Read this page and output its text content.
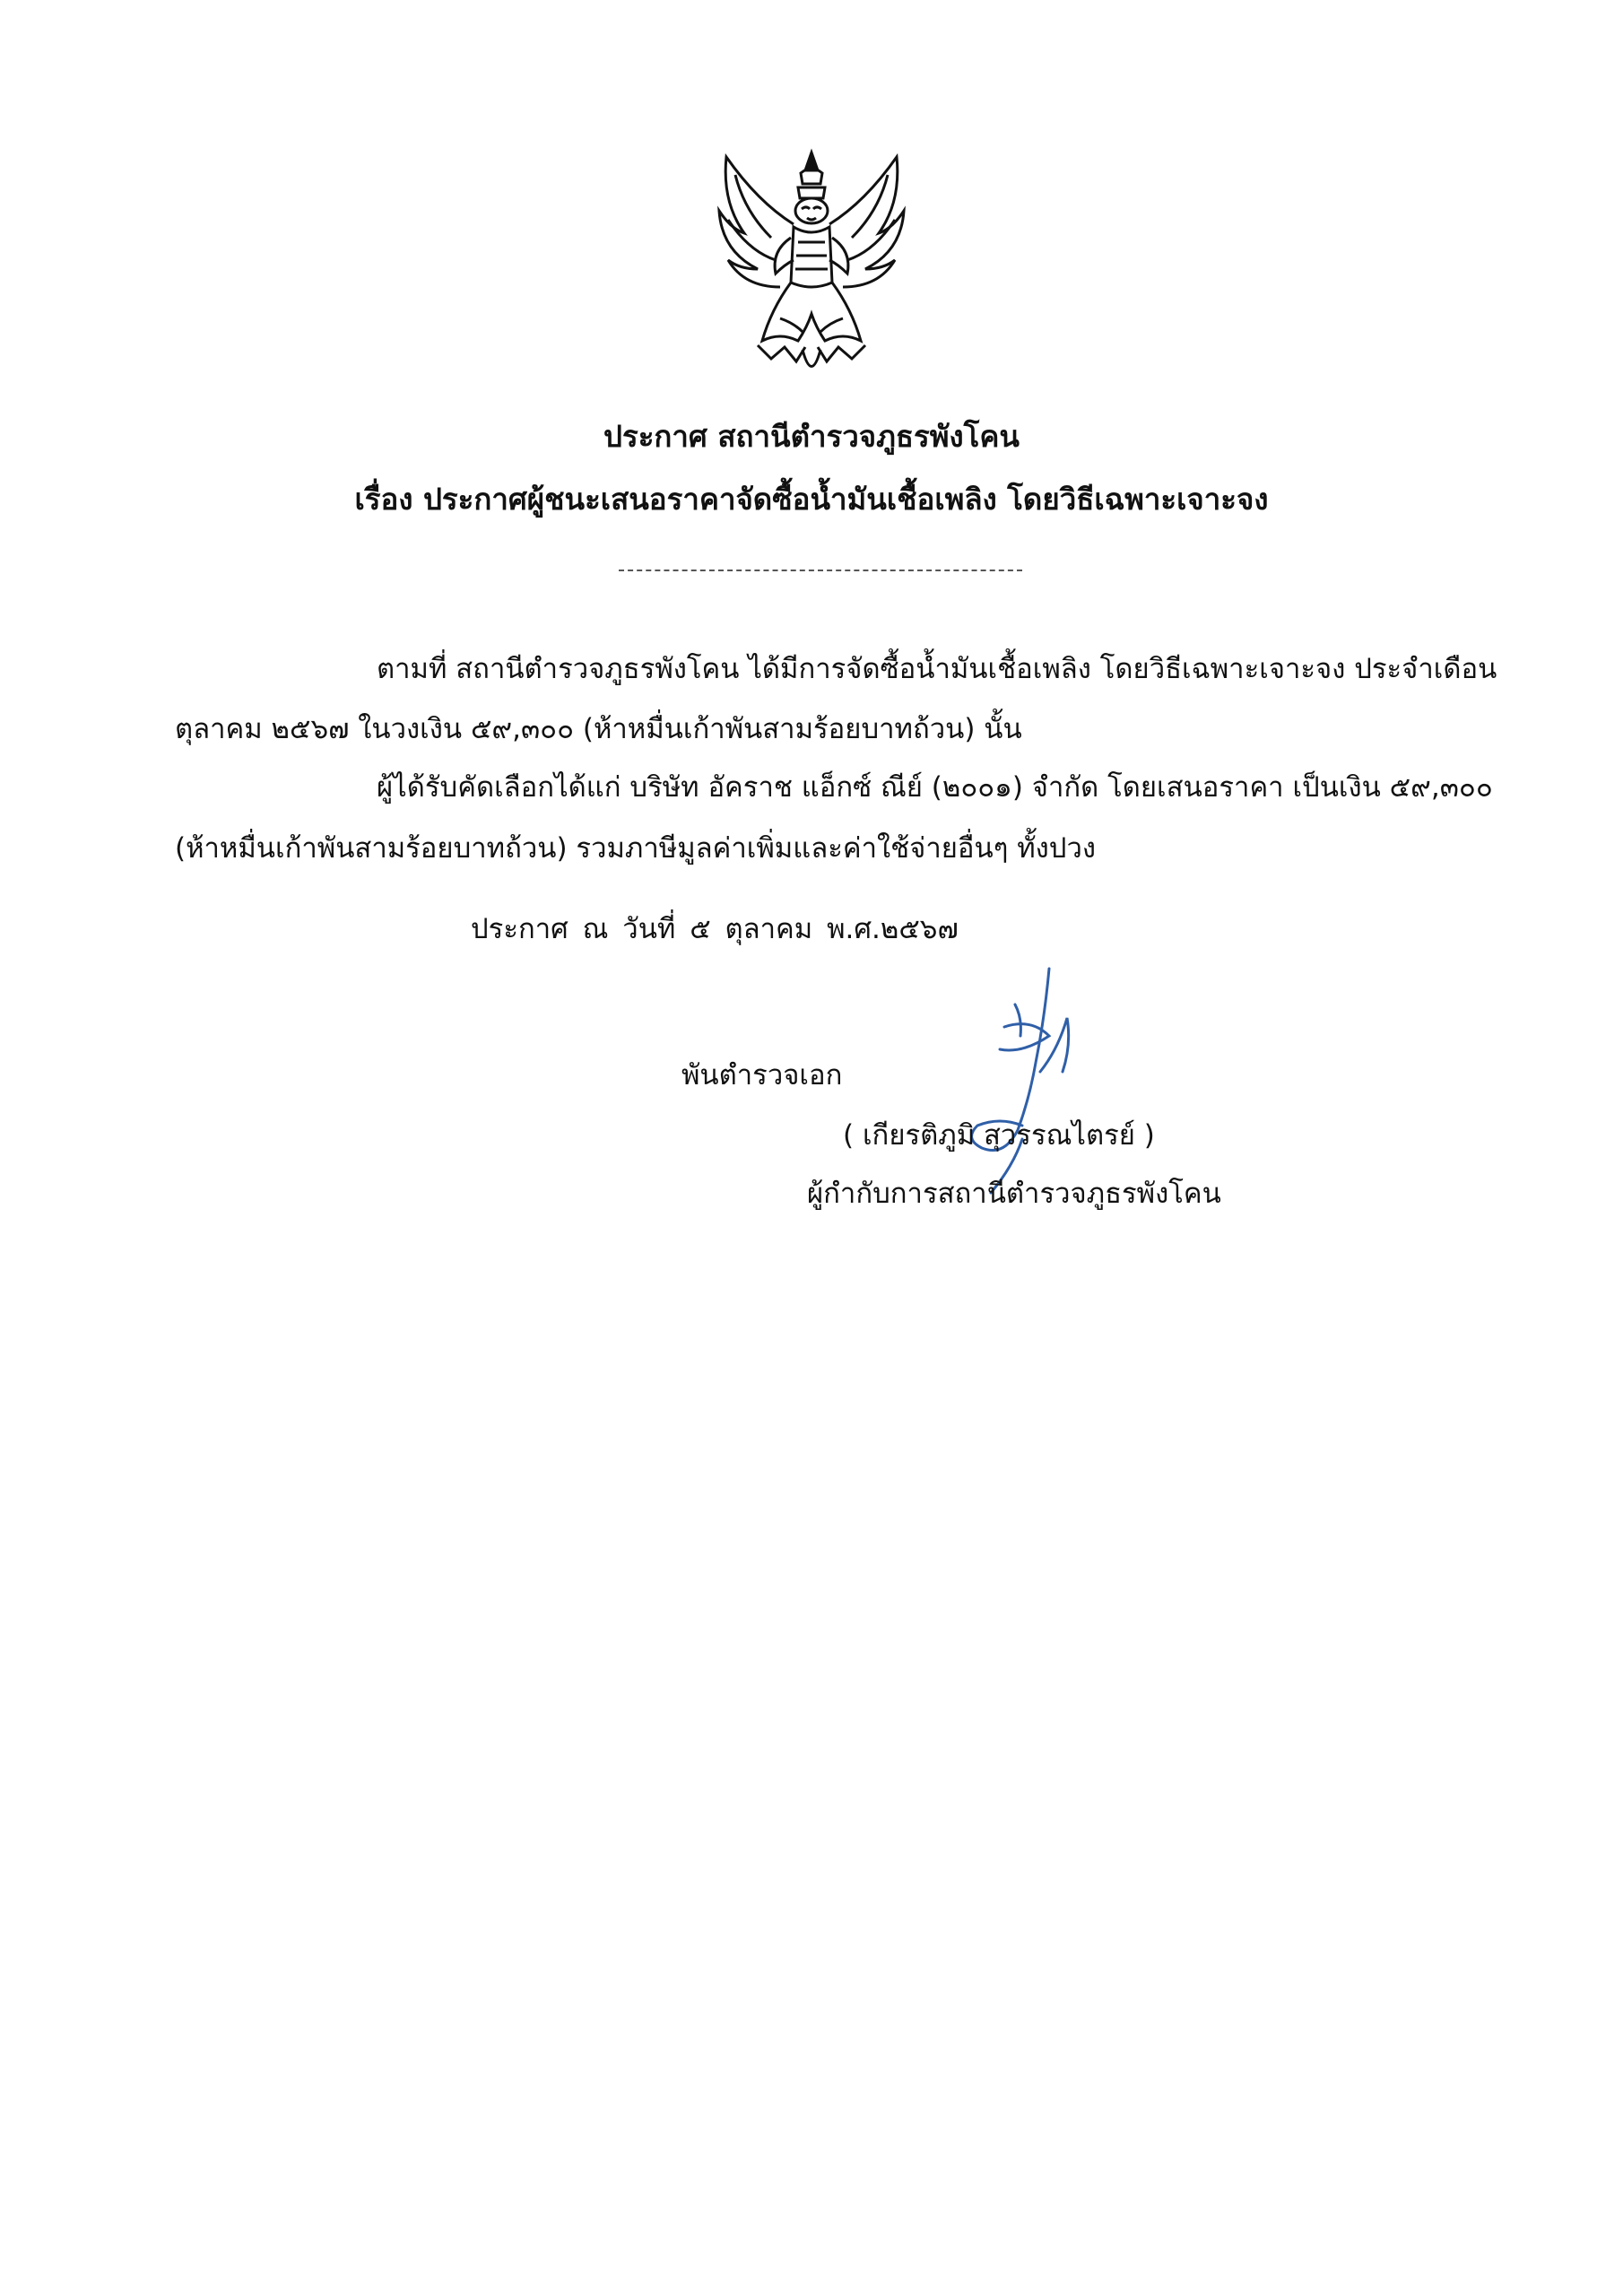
ประกาศ สถานีตำรวจภูธรพังโคน
เรื่อง ประกาศผู้ชนะเสนอราคาจัดซื้อน้ำมันเชื้อเพลิง โดยวิธีเฉพาะเจาะจง
ตามที่ สถานีตำรวจภูธรพังโคน ได้มีการจัดซื้อน้ำมันเชื้อเพลิง โดยวิธีเฉพาะเจาะจง ประจำเดือน
ตุลาคม ๒๕๖๗ ในวงเงิน ๕๙,๓๐๐ (ห้าหมื่นเก้าพันสามร้อยบาทถ้วน) นั้น
ผู้ได้รับคัดเลือกได้แก่ บริษัท อัคราช แอ็กซ์ ณีย์ (๒๐๐๑) จำกัด โดยเสนอราคา เป็นเงิน ๕๙,๓๐๐
(ห้าหมื่นเก้าพันสามร้อยบาทถ้วน) รวมภาษีมูลค่าเพิ่มและค่าใช้จ่ายอื่นๆ ทั้งปวง
ประกาศ ณ วันที่ ๕ ตุลาคม พ.ศ.๒๕๖๗
พันตำรวจเอก
( เกียรติภูมิ สุวรรณไตรย์ )
ผู้กำกับการสถานีตำรวจภูธรพังโคน
